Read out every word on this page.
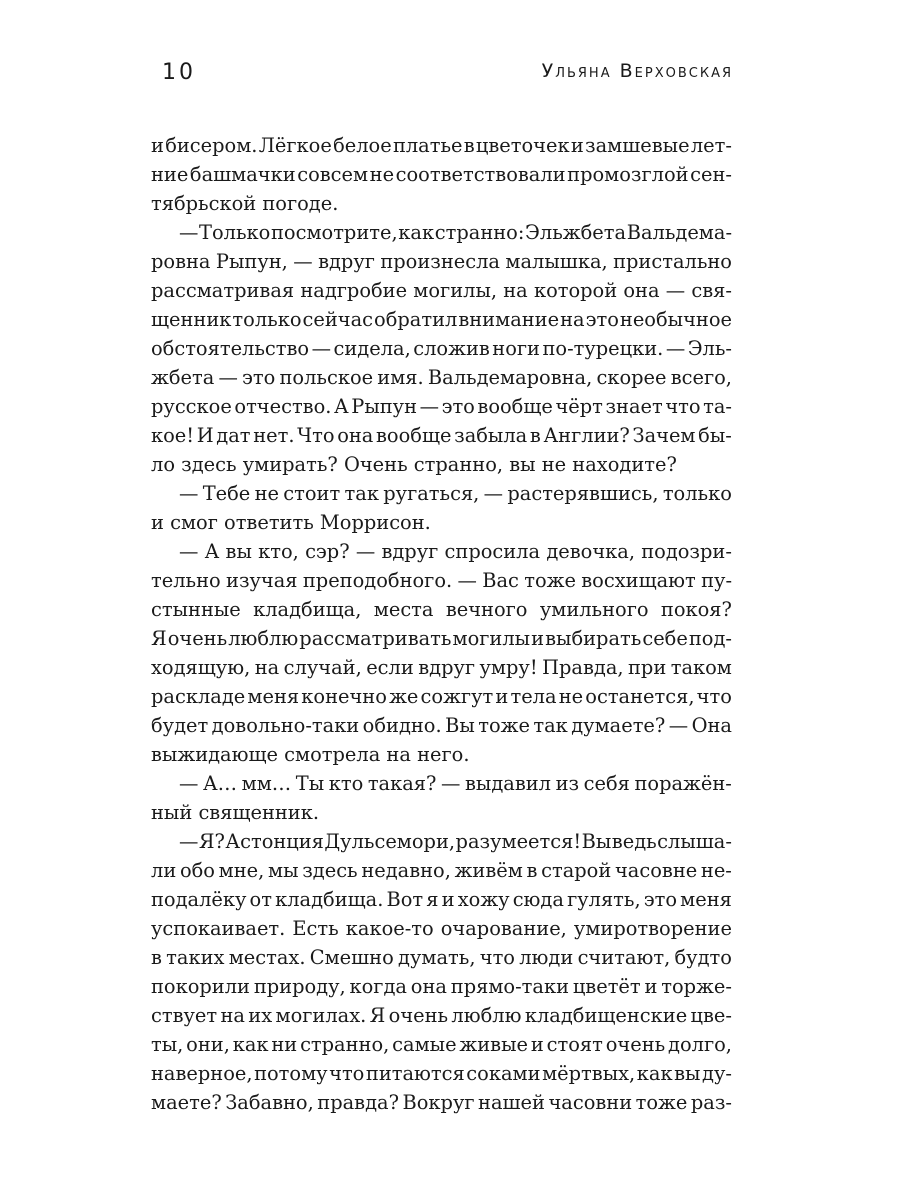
10	Ульяна Верховская
и бисером. Лёгкое белое платье в цветочек и замшевые лет-
ние башмачки совсем не соответствовали промозглой сен-
тябрьской погоде.
— Только посмотрите, как странно: Эльжбета Вальдема-
ровна Рыпун, — вдруг произнесла малышка, пристально
рассматривая надгробие могилы, на которой она — свя-
щенник только сейчас обратил внимание на это необычное
обстоятельство — сидела, сложив ноги по-турецки. — Эль-
жбета — это польское имя. Вальдемаровна, скорее всего,
русское отчество. А Рыпун — это вообще чёрт знает что та-
кое! И дат нет. Что она вообще забыла в Англии? Зачем бы-
ло здесь умирать? Очень странно, вы не находите?
— Тебе не стоит так ругаться, — растерявшись, только
и смог ответить Моррисон.
— А вы кто, сэр? — вдруг спросила девочка, подозри-
тельно изучая преподобного. — Вас тоже восхищают пу-
стынные кладбища, места вечного умильного покоя?
Я очень люблю рассматривать могилы и выбирать себе под-
ходящую, на случай, если вдруг умру! Правда, при таком
раскладе меня конечно же сожгут и тела не останется, что
будет довольно-таки обидно. Вы тоже так думаете? — Она
выжидающе смотрела на него.
— А… мм… Ты кто такая? — выдавил из себя поражён-
ный священник.
— Я? Астонция Дульсемори, разумеется! Вы ведь слыша-
ли обо мне, мы здесь недавно, живём в старой часовне не-
подалёку от кладбища. Вот я и хожу сюда гулять, это меня
успокаивает. Есть какое-то очарование, умиротворение
в таких местах. Смешно думать, что люди считают, будто
покорили природу, когда она прямо-таки цветёт и торже-
ствует на их могилах. Я очень люблю кладбищенские цве-
ты, они, как ни странно, самые живые и стоят очень долго,
наверное, потому что питаются соками мёртвых, как вы ду-
маете? Забавно, правда? Вокруг нашей часовни тоже раз-
